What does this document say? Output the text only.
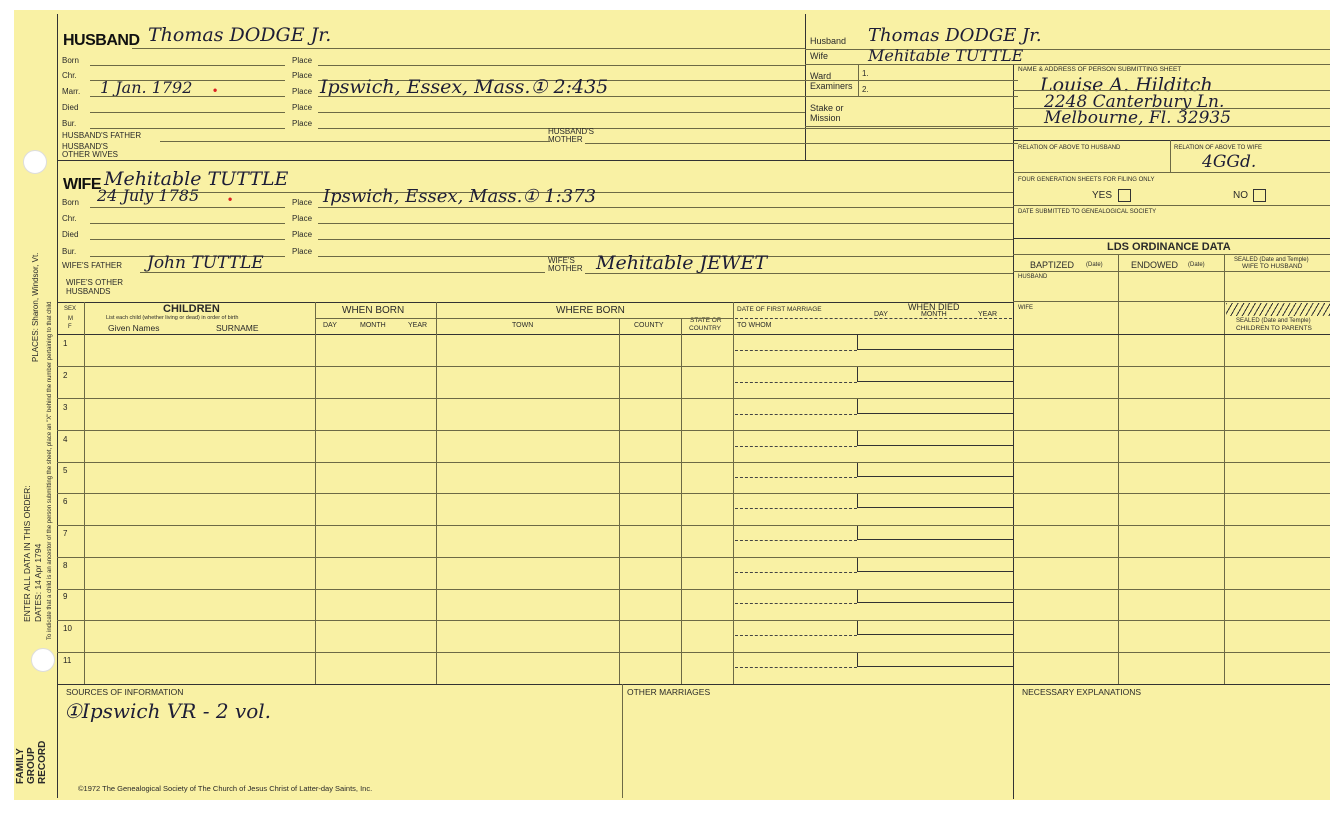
PLACES: Sharon, Windsor, Vt.
ENTER ALL DATA IN THIS ORDER: DATES: 14 Apr 1794 To indicate that a child is an ancestor of the person submitting the sheet, place an "X" behind the number pertaining to that child
FAMILY GROUP RECORD
HUSBAND Thomas DODGE Jr.
Born	Place
Chr.	Place
Marr. 1 Jan. 1792 •	Place Ipswich, Essex, Mass.① 2:435
Died	Place
Bur.	Place
HUSBAND'S FATHER	HUSBAND'S
MOTHER
HUSBAND'S
OTHER WIVES
WIFE Mehitable TUTTLE
Born 24 July 1785 •	Place Ipswich, Essex, Mass.① 1:373
Chr.	Place
Died	Place
Bur.	Place
WIFE'S FATHER John TUTTLE	WIFE'S
MOTHER Mehitable JEWET
WIFE'S OTHER
HUSBANDS
Husband Thomas DODGE Jr.
Wife	Mehitable TUTTLE
Ward
Examiners
1.
2.
Stake or
Mission
NAME & ADDRESS OF PERSON SUBMITTING SHEET
Louise A. Hilditch
2248 Canterbury Ln.
Melbourne, Fl. 32935
RELATION OF ABOVE TO HUSBAND	RELATION OF ABOVE TO WIFE
4GGd.
FOUR GENERATION SHEETS FOR FILING ONLY
YES	NO
DATE SUBMITTED TO GENEALOGICAL SOCIETY
LDS ORDINANCE DATA
BAPTIZED (Date)	ENDOWED (Date)
SEALED (Date and Temple)
WIFE TO HUSBAND
HUSBAND
WIFE
SEALED (Date and Temple)
CHILDREN TO PARENTS
SEX
M
F
CHILDREN
List each child (whether living or dead) in order of birth
Given Names	SURNAME
WHEN BORN
DAY	MONTH	YEAR
WHERE BORN
TOWN	COUNTY
STATE OR
COUNTRY
DATE OF FIRST MARRIAGE
TO WHOM
WHEN DIED
DAY	MONTH	YEAR
1
2
3
4
5
6
7
8
9
10
11
SOURCES OF INFORMATION
①Ipswich VR - 2 vol.
OTHER MARRIAGES	NECESSARY EXPLANATIONS
©1972 The Genealogical Society of The Church of Jesus Christ of Latter-day Saints, Inc.
